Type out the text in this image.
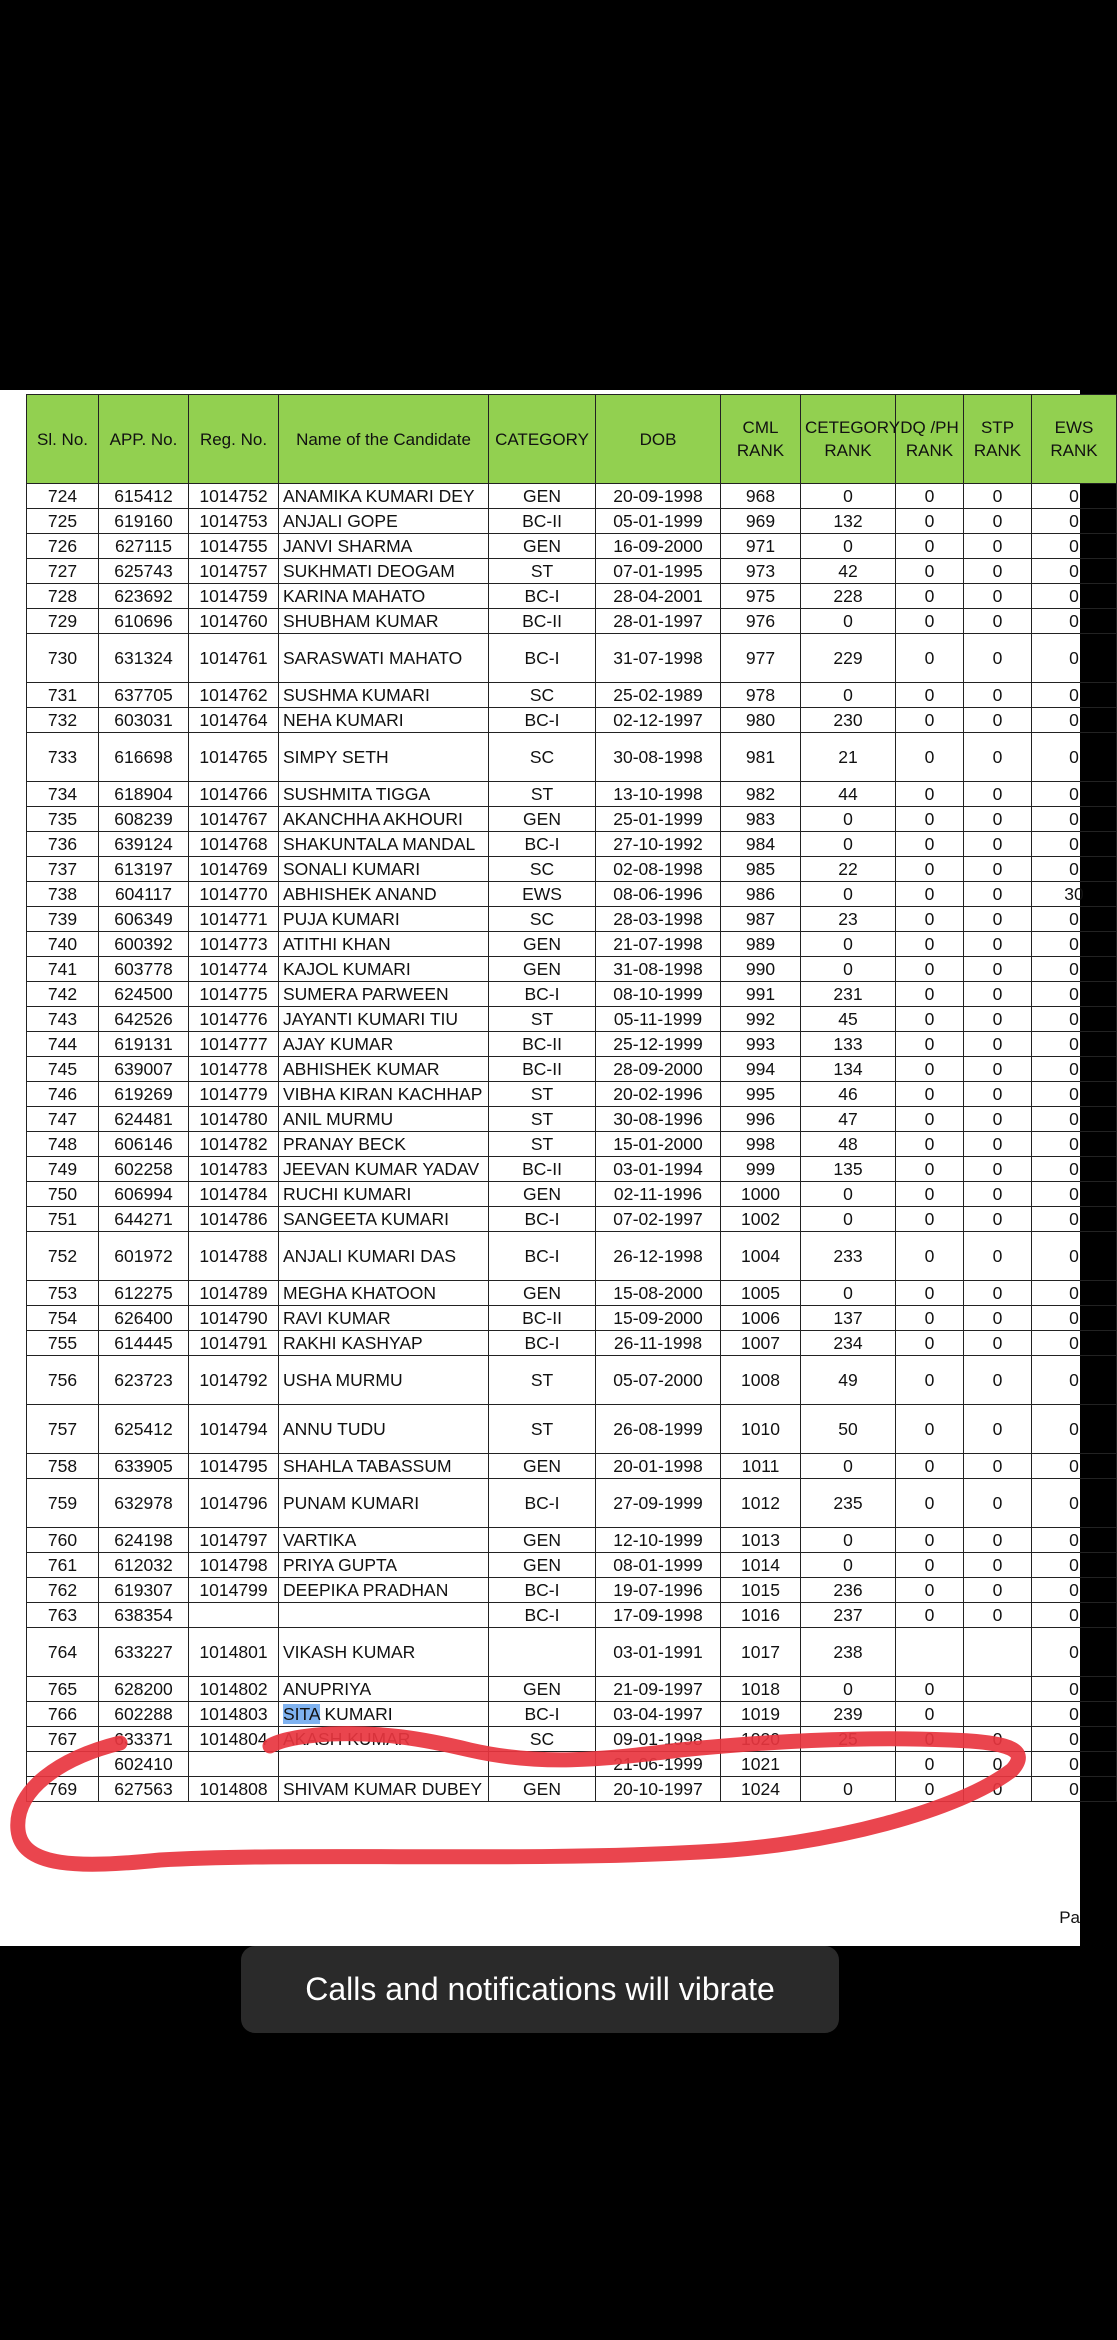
Sl. No.	APP. No.	Reg. No.	Name of the Candidate	CATEGORY	DOB	CML RANK	CETEGORY RANK	DQ /PH RANK	STP RANK	EWS RANK
724	615412	1014752	ANAMIKA KUMARI DEY	GEN	20-09-1998	968	0	0	0	0
725	619160	1014753	ANJALI GOPE	BC-II	05-01-1999	969	132	0	0	0
726	627115	1014755	JANVI SHARMA	GEN	16-09-2000	971	0	0	0	0
727	625743	1014757	SUKHMATI DEOGAM	ST	07-01-1995	973	42	0	0	0
728	623692	1014759	KARINA MAHATO	BC-I	28-04-2001	975	228	0	0	0
729	610696	1014760	SHUBHAM KUMAR	BC-II	28-01-1997	976	0	0	0	0
730	631324	1014761	SARASWATI MAHATO	BC-I	31-07-1998	977	229	0	0	0
731	637705	1014762	SUSHMA KUMARI	SC	25-02-1989	978	0	0	0	0
732	603031	1014764	NEHA KUMARI	BC-I	02-12-1997	980	230	0	0	0
733	616698	1014765	SIMPY SETH	SC	30-08-1998	981	21	0	0	0
734	618904	1014766	SUSHMITA TIGGA	ST	13-10-1998	982	44	0	0	0
735	608239	1014767	AKANCHHA AKHOURI	GEN	25-01-1999	983	0	0	0	0
736	639124	1014768	SHAKUNTALA MANDAL	BC-I	27-10-1992	984	0	0	0	0
737	613197	1014769	SONALI KUMARI	SC	02-08-1998	985	22	0	0	0
738	604117	1014770	ABHISHEK ANAND	EWS	08-06-1996	986	0	0	0	30
739	606349	1014771	PUJA KUMARI	SC	28-03-1998	987	23	0	0	0
740	600392	1014773	ATITHI KHAN	GEN	21-07-1998	989	0	0	0	0
741	603778	1014774	KAJOL KUMARI	GEN	31-08-1998	990	0	0	0	0
742	624500	1014775	SUMERA PARWEEN	BC-I	08-10-1999	991	231	0	0	0
743	642526	1014776	JAYANTI KUMARI TIU	ST	05-11-1999	992	45	0	0	0
744	619131	1014777	AJAY KUMAR	BC-II	25-12-1999	993	133	0	0	0
745	639007	1014778	ABHISHEK KUMAR	BC-II	28-09-2000	994	134	0	0	0
746	619269	1014779	VIBHA KIRAN KACHHAP	ST	20-02-1996	995	46	0	0	0
747	624481	1014780	ANIL MURMU	ST	30-08-1996	996	47	0	0	0
748	606146	1014782	PRANAY BECK	ST	15-01-2000	998	48	0	0	0
749	602258	1014783	JEEVAN KUMAR YADAV	BC-II	03-01-1994	999	135	0	0	0
750	606994	1014784	RUCHI KUMARI	GEN	02-11-1996	1000	0	0	0	0
751	644271	1014786	SANGEETA KUMARI	BC-I	07-02-1997	1002	0	0	0	0
752	601972	1014788	ANJALI KUMARI DAS	BC-I	26-12-1998	1004	233	0	0	0
753	612275	1014789	MEGHA KHATOON	GEN	15-08-2000	1005	0	0	0	0
754	626400	1014790	RAVI KUMAR	BC-II	15-09-2000	1006	137	0	0	0
755	614445	1014791	RAKHI KASHYAP	BC-I	26-11-1998	1007	234	0	0	0
756	623723	1014792	USHA MURMU	ST	05-07-2000	1008	49	0	0	0
757	625412	1014794	ANNU TUDU	ST	26-08-1999	1010	50	0	0	0
758	633905	1014795	SHAHLA TABASSUM	GEN	20-01-1998	1011	0	0	0	0
759	632978	1014796	PUNAM KUMARI	BC-I	27-09-1999	1012	235	0	0	0
760	624198	1014797	VARTIKA	GEN	12-10-1999	1013	0	0	0	0
761	612032	1014798	PRIYA GUPTA	GEN	08-01-1999	1014	0	0	0	0
762	619307	1014799	DEEPIKA PRADHAN	BC-I	19-07-1996	1015	236	0	0	0
763	638354			BC-I	17-09-1998	1016	237	0	0	0
764	633227	1014801	VIKASH KUMAR		03-01-1991	1017	238			0
765	628200	1014802	ANUPRIYA	GEN	21-09-1997	1018	0	0		0
766	602288	1014803	SITA KUMARI	BC-I	03-04-1997	1019	239	0		0
767	633371	1014804	AKASH KUMAR	SC	09-01-1998	1020	25	0	0	0
	602410				21-06-1999	1021		0	0	0
769	627563	1014808	SHIVAM KUMAR DUBEY	GEN	20-10-1997	1024	0	0	0	0
Pa
Calls and notifications will vibrate
